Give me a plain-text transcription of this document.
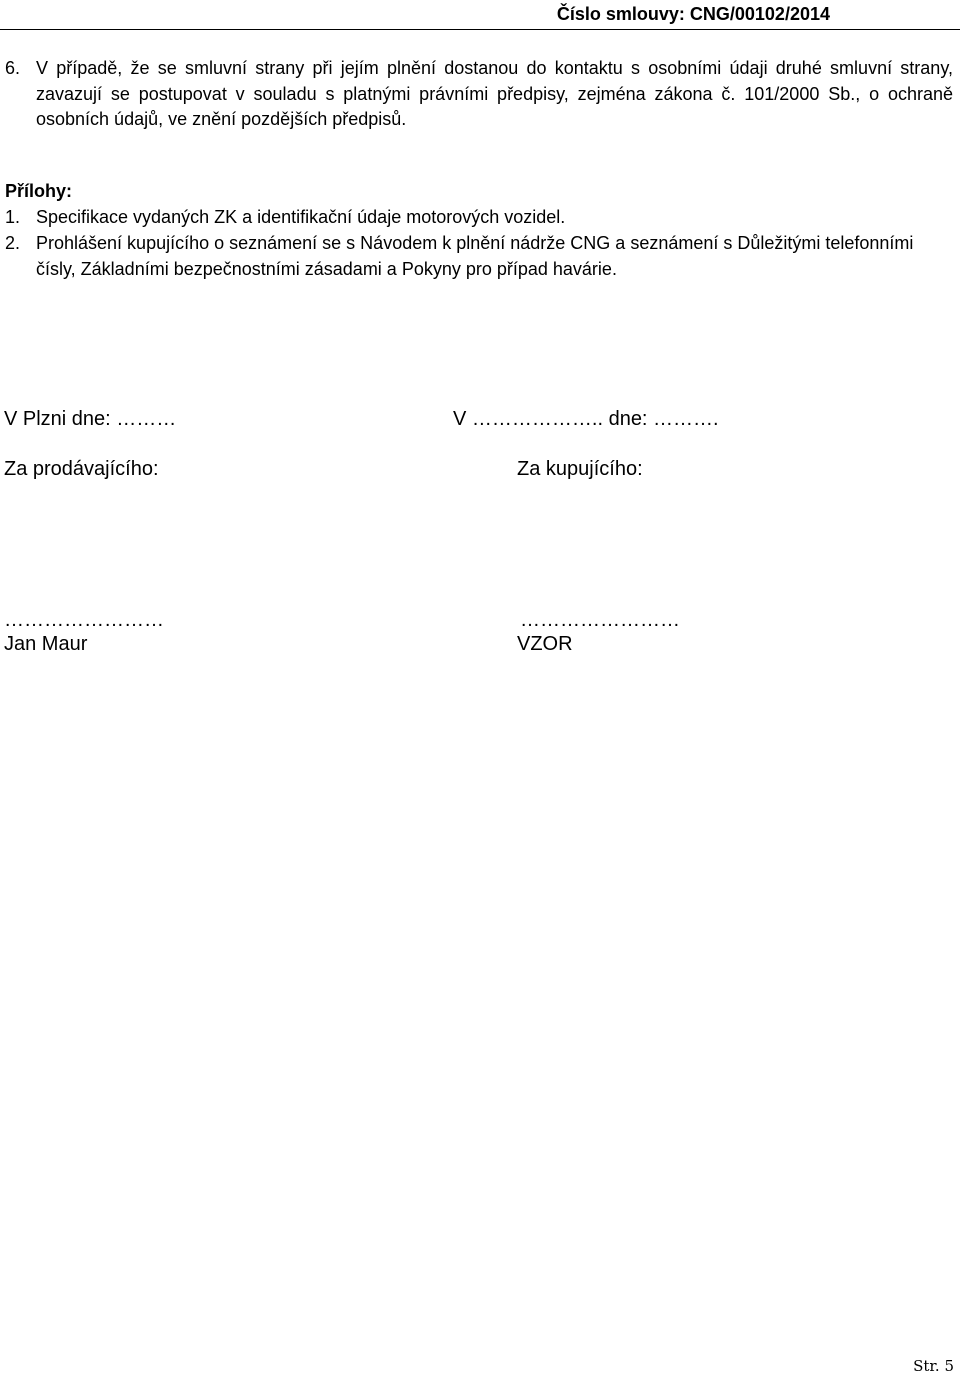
Číslo smlouvy: CNG/00102/2014
6. V případě, že se smluvní strany při jejím plnění dostanou do kontaktu s osobními údaji druhé smluvní strany, zavazují se postupovat v souladu s platnými právními předpisy, zejména zákona č. 101/2000 Sb., o ochraně osobních údajů, ve znění pozdějších předpisů.
Přílohy:
1. Specifikace vydaných ZK a identifikační údaje motorových vozidel.
2. Prohlášení kupujícího o seznámení se s Návodem k plnění nádrže CNG a seznámení s Důležitými telefonními čísly, Základními bezpečnostními zásadami a Pokyny pro případ havárie.
V Plzni dne: ………	V ……………….. dne: ……….
Za prodávajícího:	Za kupujícího:
……………………	……………………
Jan Maur	VZOR
Str. 5
